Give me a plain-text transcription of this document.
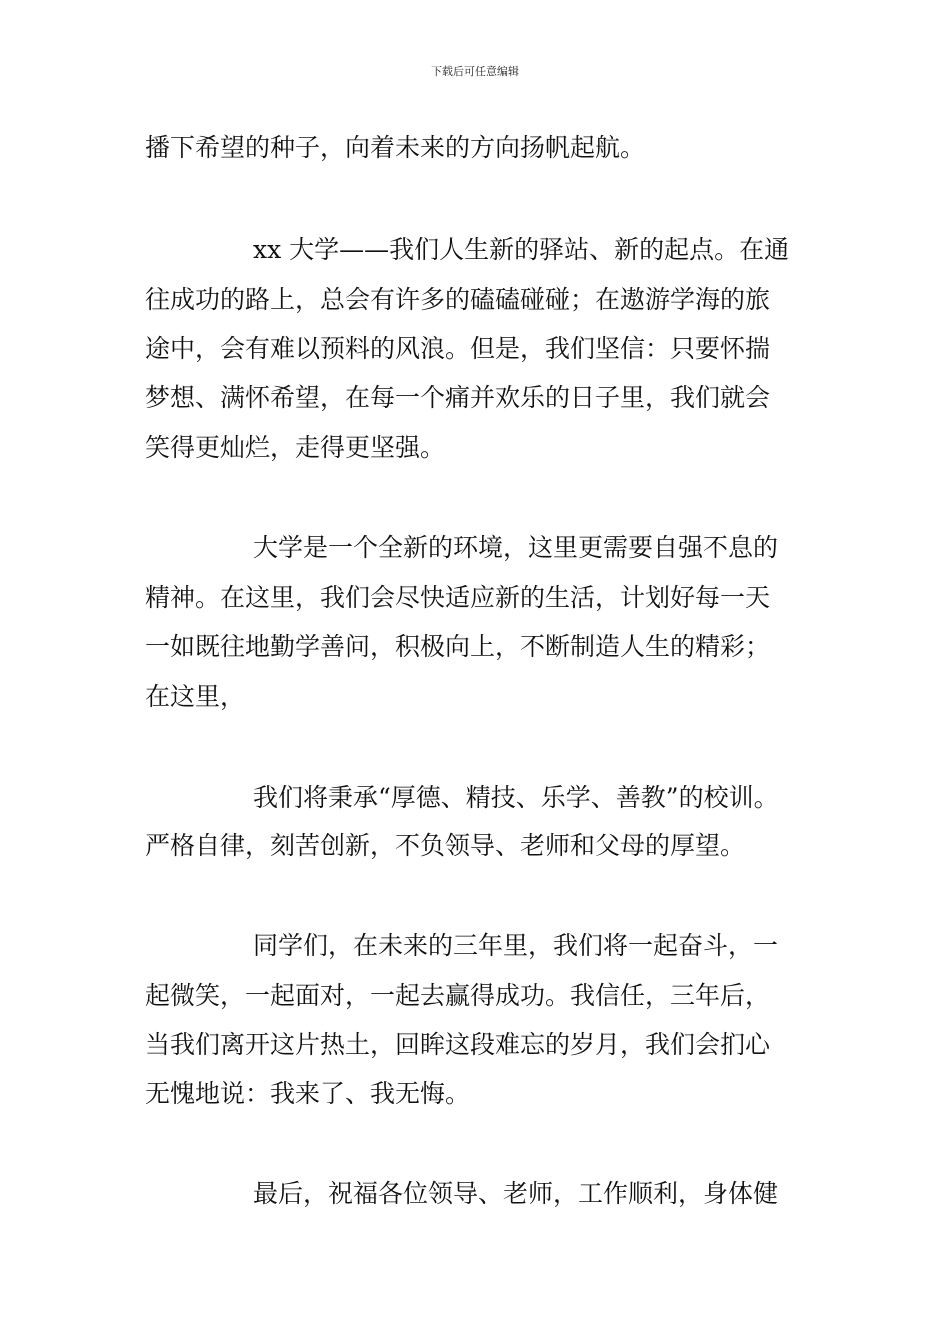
下载后可任意编辑
播下希望的种子，向着未来的方向扬帆起航。
xx 大学——我们人生新的驿站、新的起点。在通
往成功的路上，总会有许多的磕磕碰碰；在遨游学海的旅
途中，会有难以预料的风浪。但是，我们坚信：只要怀揣
梦想、满怀希望，在每一个痛并欢乐的日子里，我们就会
笑得更灿烂，走得更坚强。
大学是一个全新的环境，这里更需要自强不息的
精神。在这里，我们会尽快适应新的生活，计划好每一天
一如既往地勤学善问，积极向上，不断制造人生的精彩；
在这里，
我们将秉承“厚德、精技、乐学、善教”的校训。
严格自律，刻苦创新，不负领导、老师和父母的厚望。
同学们，在未来的三年里，我们将一起奋斗，一
起微笑，一起面对，一起去赢得成功。我信任，三年后，
当我们离开这片热土，回眸这段难忘的岁月，我们会扪心
无愧地说：我来了、我无悔。
最后，祝福各位领导、老师，工作顺利，身体健
